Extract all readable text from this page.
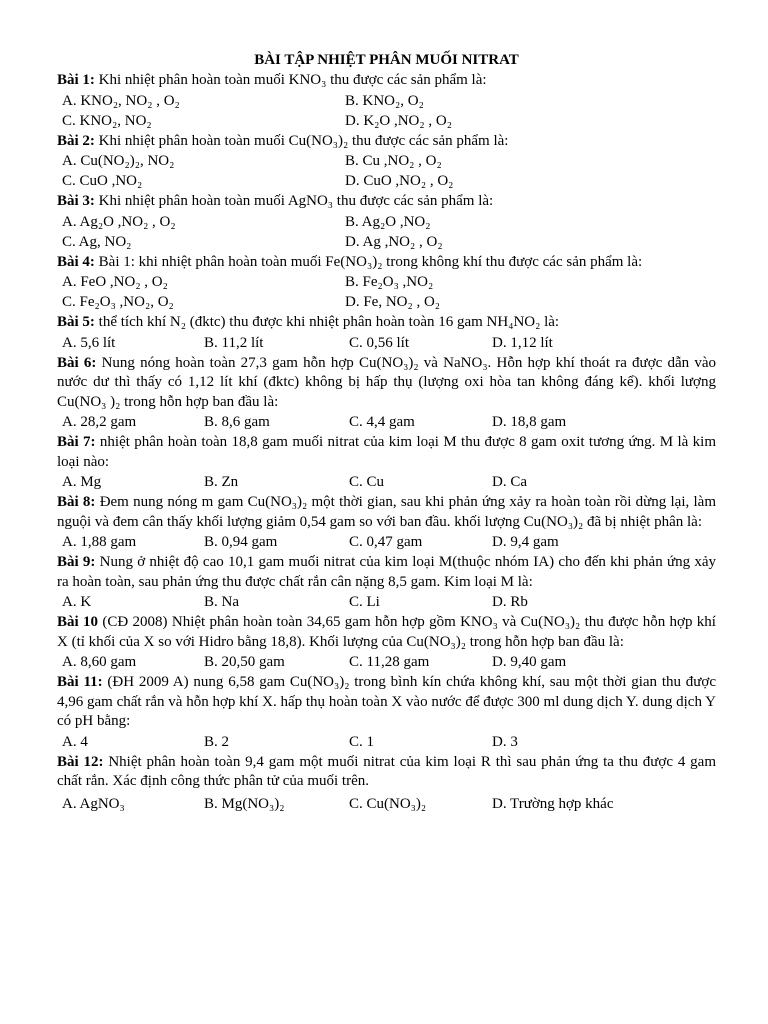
BÀI TẬP NHIỆT PHÂN MUỐI NITRAT
Bài 1: Khi nhiệt phân hoàn toàn muối KNO₃ thu được các sản phẩm là:
A. KNO₂, NO₂ , O₂	B. KNO₂, O₂
C. KNO₂, NO₂	D. K₂O ,NO₂ , O₂
Bài 2: Khi nhiệt phân hoàn toàn muối Cu(NO₃)₂ thu được các sản phẩm là:
A. Cu(NO₂)₂, NO₂	B. Cu ,NO₂ , O₂
C. CuO ,NO₂	D. CuO ,NO₂ , O₂
Bài 3: Khi nhiệt phân hoàn toàn muối AgNO₃ thu được các sản phẩm là:
A. Ag₂O ,NO₂ , O₂	B. Ag₂O ,NO₂
C. Ag, NO₂	D. Ag ,NO₂ , O₂
Bài 4: Bài 1: khi nhiệt phân hoàn toàn muối Fe(NO₃)₂ trong không khí thu được các sản phẩm là:
A. FeO ,NO₂ , O₂	B. Fe₂O₃ ,NO₂
C. Fe₂O₃ ,NO₂, O₂	D. Fe, NO₂ , O₂
Bài 5: thể tích khí N₂ (đktc) thu được khi nhiệt phân hoàn toàn 16 gam NH₄NO₂ là:
A. 5,6 lít	B. 11,2 lít	C. 0,56 lít	D. 1,12 lít
Bài 6: Nung nóng hoàn toàn 27,3 gam hỗn hợp Cu(NO₃)₂ và NaNO₃. Hỗn hợp khí thoát ra được dẫn vào nước dư thì thấy có 1,12 lít khí (đktc) không bị hấp thụ (lượng oxi hòa tan không đáng kể). khối lượng Cu(NO₃ )₂ trong hỗn hợp ban đầu là:
A. 28,2 gam	B. 8,6 gam	C. 4,4 gam	D. 18,8 gam
Bài 7: nhiệt phân hoàn toàn 18,8 gam muối nitrat của kim loại M thu được 8 gam oxit tương ứng. M là kim loại nào:
A. Mg	B. Zn	C. Cu	D. Ca
Bài 8: Đem nung nóng m gam Cu(NO₃)₂ một thời gian, sau khi phản ứng xảy ra hoàn toàn rồi dừng lại, làm nguội và đem cân thấy khối lượng giảm 0,54 gam so với ban đầu. khối lượng Cu(NO₃)₂ đã bị nhiệt phân là:
A. 1,88 gam	B. 0,94 gam	C. 0,47 gam	D. 9,4 gam
Bài 9: Nung ở nhiệt độ cao 10,1 gam muối nitrat của kim loại M(thuộc nhóm IA) cho đến khi phản ứng xảy ra hoàn toàn, sau phản ứng thu được chất rắn cân nặng 8,5 gam. Kim loại M là:
A. K	B. Na	C. Li	D. Rb
Bài 10 (CĐ 2008) Nhiệt phân hoàn toàn 34,65 gam hỗn hợp gồm KNO₃ và Cu(NO₃)₂ thu được hỗn hợp khí X (tỉ khối của X so với Hidro bằng 18,8). Khối lượng của Cu(NO₃)₂ trong hỗn hợp ban đầu là:
A. 8,60 gam	B. 20,50 gam	C. 11,28 gam	D. 9,40 gam
Bài 11: (ĐH 2009 A) nung 6,58 gam Cu(NO₃)₂ trong bình kín chứa không khí, sau một thời gian thu được 4,96 gam chất rắn và hỗn hợp khí X. hấp thụ hoàn toàn X vào nước để được 300 ml dung dịch Y. dung dịch Y có pH bằng:
A. 4	B. 2	C. 1	D. 3
Bài 12: Nhiệt phân hoàn toàn 9,4 gam một muối nitrat của kim loại R thì sau phản ứng ta thu được 4 gam chất rắn. Xác định công thức phân tử của muối trên.
A. AgNO₃	B. Mg(NO₃)₂	C. Cu(NO₃)₂	D. Trường hợp khác
